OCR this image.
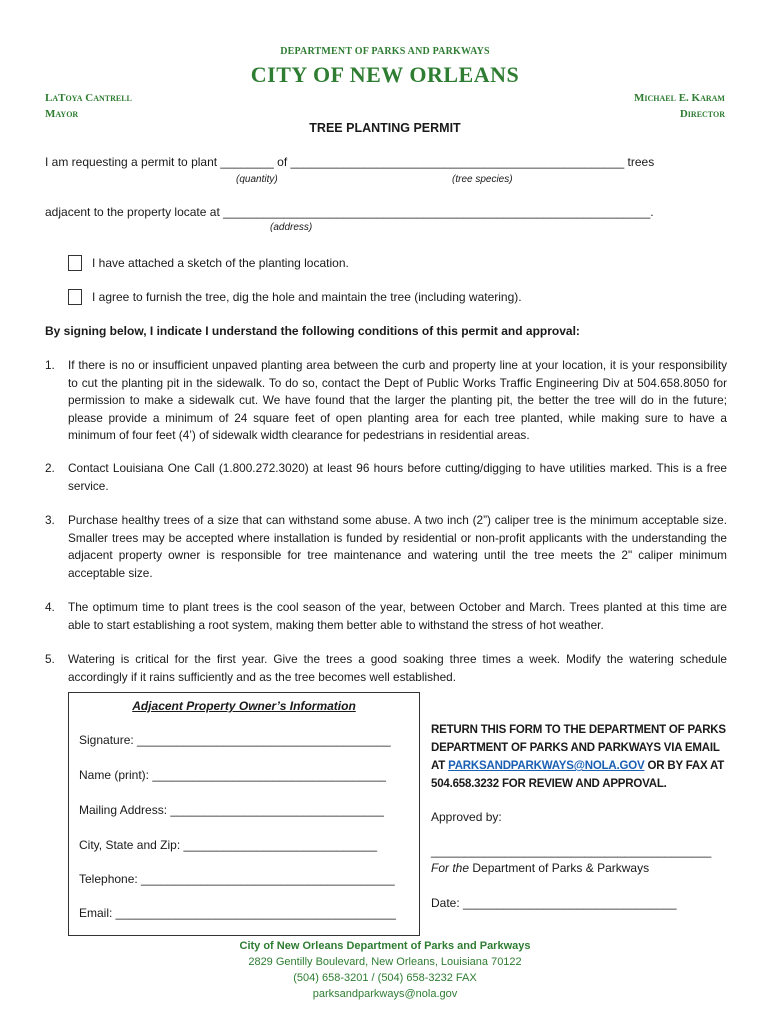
DEPARTMENT OF PARKS AND PARKWAYS
CITY OF NEW ORLEANS
LaToya Cantrell
Mayor
Michael E. Karam
Director
TREE PLANTING PERMIT
I am requesting a permit to plant ________ of __________________________________________________ trees
(quantity)	(tree species)
adjacent to the property locate at ________________________________________________________________.
(address)
I have attached a sketch of the planting location.
I agree to furnish the tree, dig the hole and maintain the tree (including watering).
By signing below, I indicate I understand the following conditions of this permit and approval:
1.	If there is no or insufficient unpaved planting area between the curb and property line at your location, it is your responsibility to cut the planting pit in the sidewalk. To do so, contact the Dept of Public Works Traffic Engineering Div at 504.658.8050 for permission to make a sidewalk cut. We have found that the larger the planting pit, the better the tree will do in the future; please provide a minimum of 24 square feet of open planting area for each tree planted, while making sure to have a minimum of four feet (4’) of sidewalk width clearance for pedestrians in residential areas.
2.	Contact Louisiana One Call (1.800.272.3020) at least 96 hours before cutting/digging to have utilities marked. This is a free service.
3.	Purchase healthy trees of a size that can withstand some abuse. A two inch (2”) caliper tree is the minimum acceptable size. Smaller trees may be accepted where installation is funded by residential or non-profit applicants with the understanding the adjacent property owner is responsible for tree maintenance and watering until the tree meets the 2" caliper minimum acceptable size.
4.	The optimum time to plant trees is the cool season of the year, between October and March. Trees planted at this time are able to start establishing a root system, making them better able to withstand the stress of hot weather.
5.	Watering is critical for the first year. Give the trees a good soaking three times a week. Modify the watering schedule accordingly if it rains sufficiently and as the tree becomes well established.
Adjacent Property Owner’s Information
Signature: ______________________________________
Name (print): ___________________________________
Mailing Address: ________________________________
City, State and Zip: _____________________________
Telephone: ______________________________________
Email: __________________________________________
RETURN THIS FORM TO THE DEPARTMENT OF PARKS
DEPARTMENT OF PARKS AND PARKWAYS VIA EMAIL
AT PARKSANDPARKWAYS@NOLA.GOV OR BY FAX AT
504.658.3232 FOR REVIEW AND APPROVAL.
Approved by:
__________________________________________
For the Department of Parks & Parkways
Date: ________________________________
City of New Orleans Department of Parks and Parkways
2829 Gentilly Boulevard, New Orleans, Louisiana 70122
(504) 658-3201 / (504) 658-3232 FAX
parksandparkways@nola.gov
